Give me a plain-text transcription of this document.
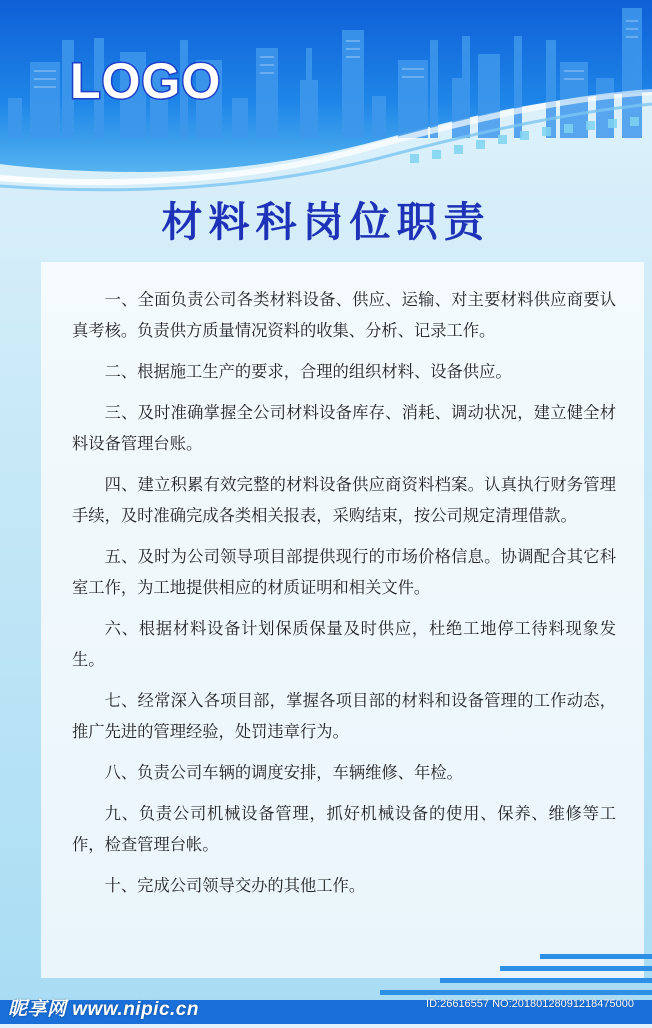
LOGO
材料科岗位职责

一、全面负责公司各类材料设备、供应、运输、对主要材料供应商要认真考核。负责供方质量情况资料的收集、分析、记录工作。

二、根据施工生产的要求，合理的组织材料、设备供应。

三、及时准确掌握全公司材料设备库存、消耗、调动状况，建立健全材料设备管理台账。

四、建立积累有效完整的材料设备供应商资料档案。认真执行财务管理手续，及时准确完成各类相关报表，采购结束，按公司规定清理借款。

五、及时为公司领导项目部提供现行的市场价格信息。协调配合其它科室工作，为工地提供相应的材质证明和相关文件。

六、根据材料设备计划保质保量及时供应，杜绝工地停工待料现象发生。

七、经常深入各项目部，掌握各项目部的材料和设备管理的工作动态，推广先进的管理经验，处罚违章行为。

八、负责公司车辆的调度安排，车辆维修、年检。

九、负责公司机械设备管理，抓好机械设备的使用、保养、维修等工作，检查管理台帐。

十、完成公司领导交办的其他工作。

昵享网 www.nipic.cn	ID:26616557 NO:20180128091218475000
